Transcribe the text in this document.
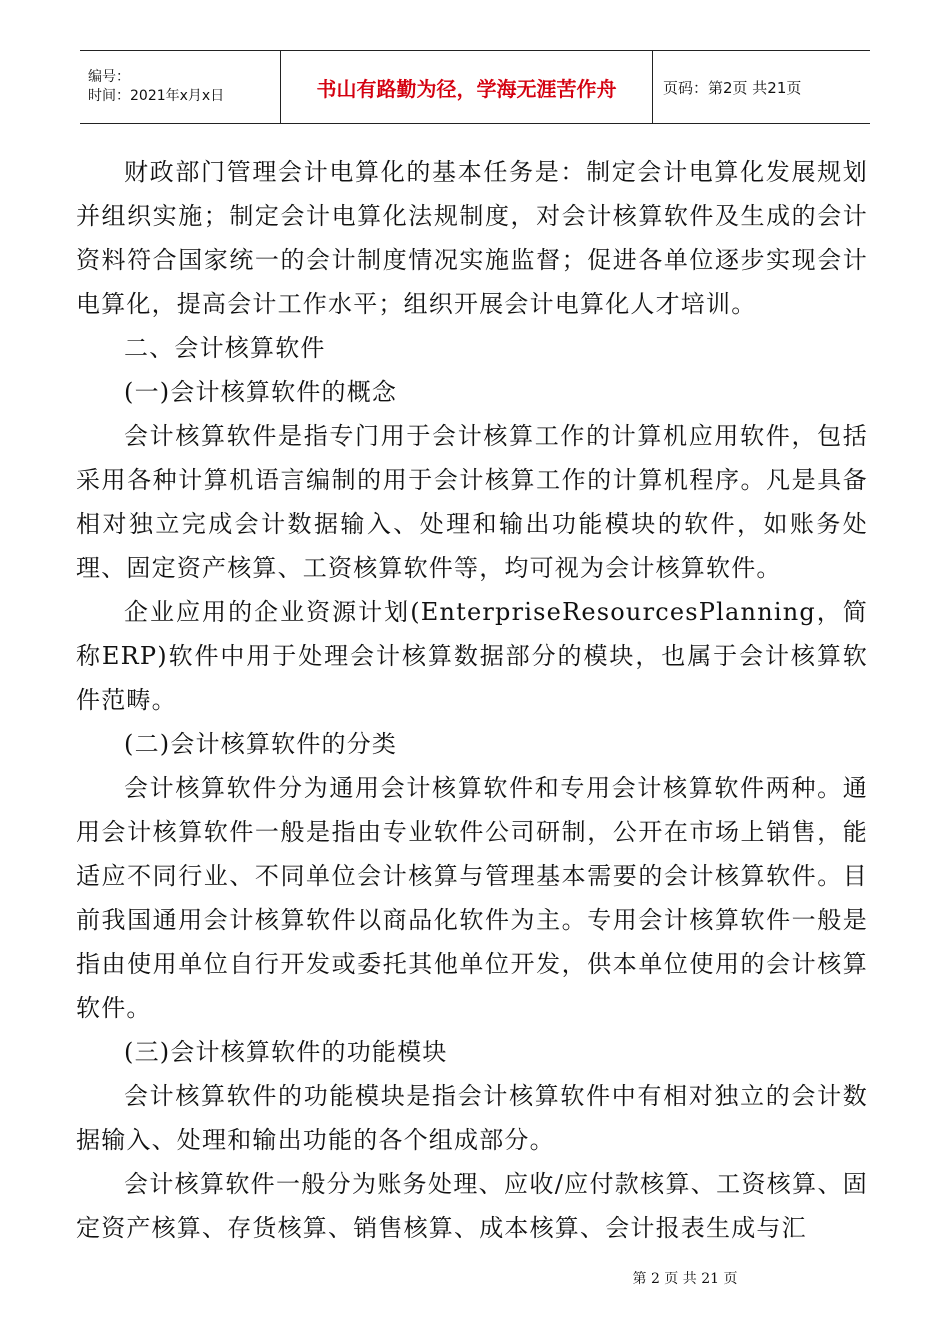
编号：
时间：2021年x月x日	书山有路勤为径，学海无涯苦作舟	页码：第2页 共21页

财政部门管理会计电算化的基本任务是：制定会计电算化发展规划并组织实施；制定会计电算化法规制度，对会计核算软件及生成的会计资料符合国家统一的会计制度情况实施监督；促进各单位逐步实现会计电算化，提高会计工作水平；组织开展会计电算化人才培训。

二、会计核算软件

(一)会计核算软件的概念

会计核算软件是指专门用于会计核算工作的计算机应用软件，包括采用各种计算机语言编制的用于会计核算工作的计算机程序。凡是具备相对独立完成会计数据输入、处理和输出功能模块的软件，如账务处理、固定资产核算、工资核算软件等，均可视为会计核算软件。

企业应用的企业资源计划(EnterpriseResourcesPlanning，简称ERP)软件中用于处理会计核算数据部分的模块，也属于会计核算软件范畴。

(二)会计核算软件的分类

会计核算软件分为通用会计核算软件和专用会计核算软件两种。通用会计核算软件一般是指由专业软件公司研制，公开在市场上销售，能适应不同行业、不同单位会计核算与管理基本需要的会计核算软件。目前我国通用会计核算软件以商品化软件为主。专用会计核算软件一般是指由使用单位自行开发或委托其他单位开发，供本单位使用的会计核算软件。

(三)会计核算软件的功能模块

会计核算软件的功能模块是指会计核算软件中有相对独立的会计数据输入、处理和输出功能的各个组成部分。

会计核算软件一般分为账务处理、应收/应付款核算、工资核算、固定资产核算、存货核算、销售核算、成本核算、会计报表生成与汇

第 2 页 共 21 页
